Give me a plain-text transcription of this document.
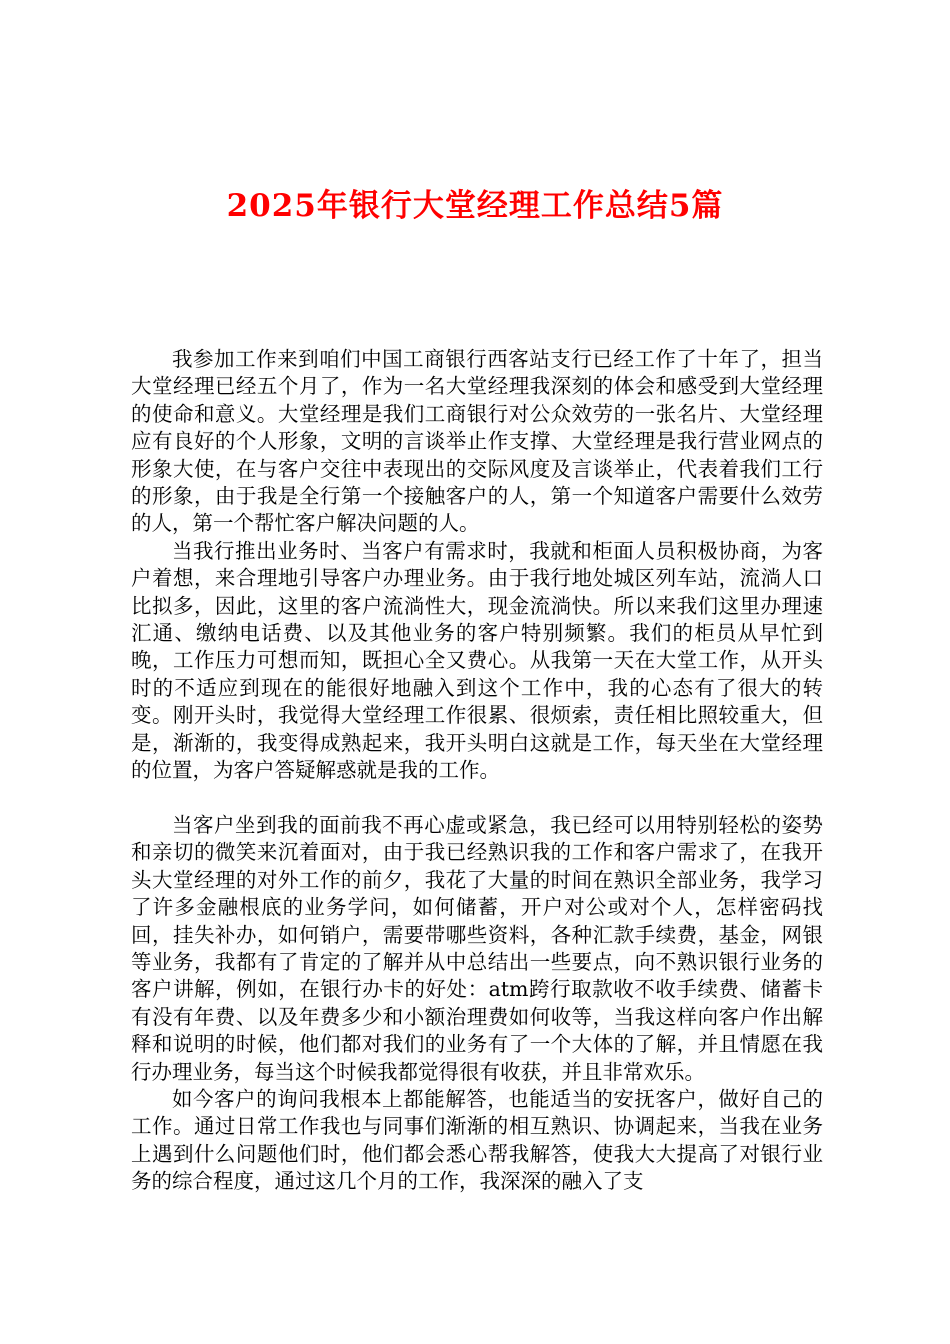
2025年银行大堂经理工作总结5篇

我参加工作来到咱们中国工商银行西客站支行已经工作了十年了，担当大堂经理已经五个月了，作为一名大堂经理我深刻的体会和感受到大堂经理的使命和意义。大堂经理是我们工商银行对公众效劳的一张名片、大堂经理应有良好的个人形象，文明的言谈举止作支撑、大堂经理是我行营业网点的形象大使，在与客户交往中表现出的交际风度及言谈举止，代表着我们工行的形象，由于我是全行第一个接触客户的人，第一个知道客户需要什么效劳的人，第一个帮忙客户解决问题的人。

当我行推出业务时、当客户有需求时，我就和柜面人员积极协商，为客户着想，来合理地引导客户办理业务。由于我行地处城区列车站，流淌人口比拟多，因此，这里的客户流淌性大，现金流淌快。所以来我们这里办理速汇通、缴纳电话费、以及其他业务的客户特别频繁。我们的柜员从早忙到晚，工作压力可想而知，既担心全又费心。从我第一天在大堂工作，从开头时的不适应到现在的能很好地融入到这个工作中，我的心态有了很大的转变。刚开头时，我觉得大堂经理工作很累、很烦索，责任相比照较重大，但是，渐渐的，我变得成熟起来，我开头明白这就是工作，每天坐在大堂经理的位置，为客户答疑解惑就是我的工作。

当客户坐到我的面前我不再心虚或紧急，我已经可以用特别轻松的姿势和亲切的微笑来沉着面对，由于我已经熟识我的工作和客户需求了，在我开头大堂经理的对外工作的前夕，我花了大量的时间在熟识全部业务，我学习了许多金融根底的业务学问，如何储蓄，开户对公或对个人，怎样密码找回，挂失补办，如何销户，需要带哪些资料，各种汇款手续费，基金，网银等业务，我都有了肯定的了解并从中总结出一些要点，向不熟识银行业务的客户讲解，例如，在银行办卡的好处：atm跨行取款收不收手续费、储蓄卡有没有年费、以及年费多少和小额治理费如何收等，当我这样向客户作出解释和说明的时候，他们都对我们的业务有了一个大体的了解，并且情愿在我行办理业务，每当这个时候我都觉得很有收获，并且非常欢乐。

如今客户的询问我根本上都能解答，也能适当的安抚客户，做好自己的工作。通过日常工作我也与同事们渐渐的相互熟识、协调起来，当我在业务上遇到什么问题他们时，他们都会悉心帮我解答，使我大大提高了对银行业务的综合程度，通过这几个月的工作，我深深的融入了支
